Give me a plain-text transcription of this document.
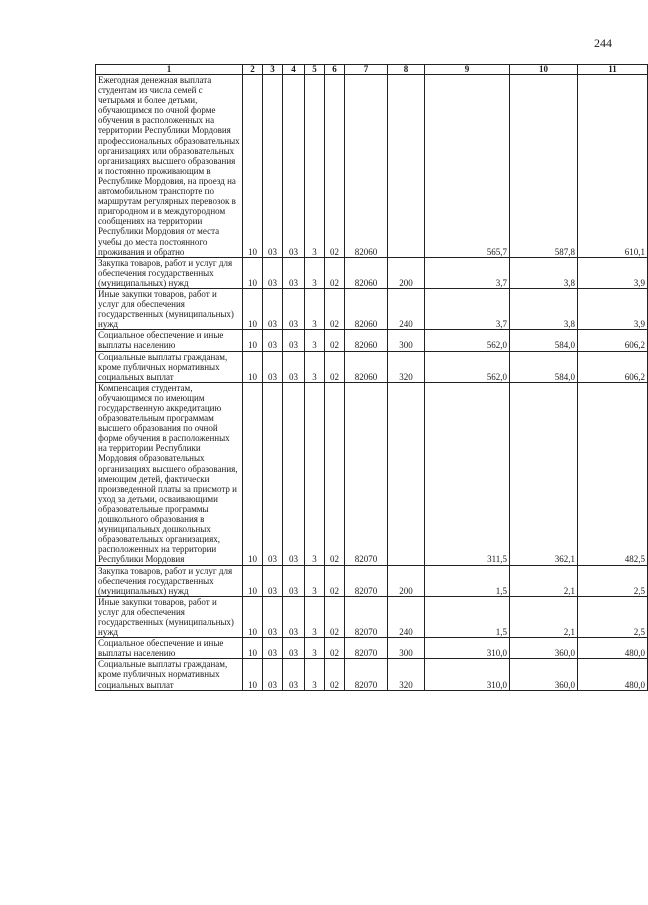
244
1	2	3	4	5	6	7	8	9	10	11
Ежегодная денежная выплата студентам из числа семей с четырьмя и более детьми, обучающимся по очной форме обучения в расположенных на территории Республики Мордовия профессиональных образовательных организациях или образовательных организациях высшего образования и постоянно проживающим в Республике Мордовия, на проезд на автомобильном транспорте по маршрутам регулярных перевозок в пригородном и в междугородном сообщениях на территории Республики Мордовия от места учебы до места постоянного проживания и обратно	10	03	03	3	02	82060		565,7	587,8	610,1
Закупка товаров, работ и услуг для обеспечения государственных (муниципальных) нужд	10	03	03	3	02	82060	200	3,7	3,8	3,9
Иные закупки товаров, работ и услуг для обеспечения государственных (муниципальных) нужд	10	03	03	3	02	82060	240	3,7	3,8	3,9
Социальное обеспечение и иные выплаты населению	10	03	03	3	02	82060	300	562,0	584,0	606,2
Социальные выплаты гражданам, кроме публичных нормативных социальных выплат	10	03	03	3	02	82060	320	562,0	584,0	606,2
Компенсация студентам, обучающимся по имеющим государственную аккредитацию образовательным программам высшего образования по очной форме обучения в расположенных на территории Республики Мордовия образовательных организациях высшего образования, имеющим детей, фактически произведенной платы за присмотр и уход за детьми, осваивающими образовательные программы дошкольного образования в муниципальных дошкольных образовательных организациях, расположенных на территории Республики Мордовия	10	03	03	3	02	82070		311,5	362,1	482,5
Закупка товаров, работ и услуг для обеспечения государственных (муниципальных) нужд	10	03	03	3	02	82070	200	1,5	2,1	2,5
Иные закупки товаров, работ и услуг для обеспечения государственных (муниципальных) нужд	10	03	03	3	02	82070	240	1,5	2,1	2,5
Социальное обеспечение и иные выплаты населению	10	03	03	3	02	82070	300	310,0	360,0	480,0
Социальные выплаты гражданам, кроме публичных нормативных социальных выплат	10	03	03	3	02	82070	320	310,0	360,0	480,0
